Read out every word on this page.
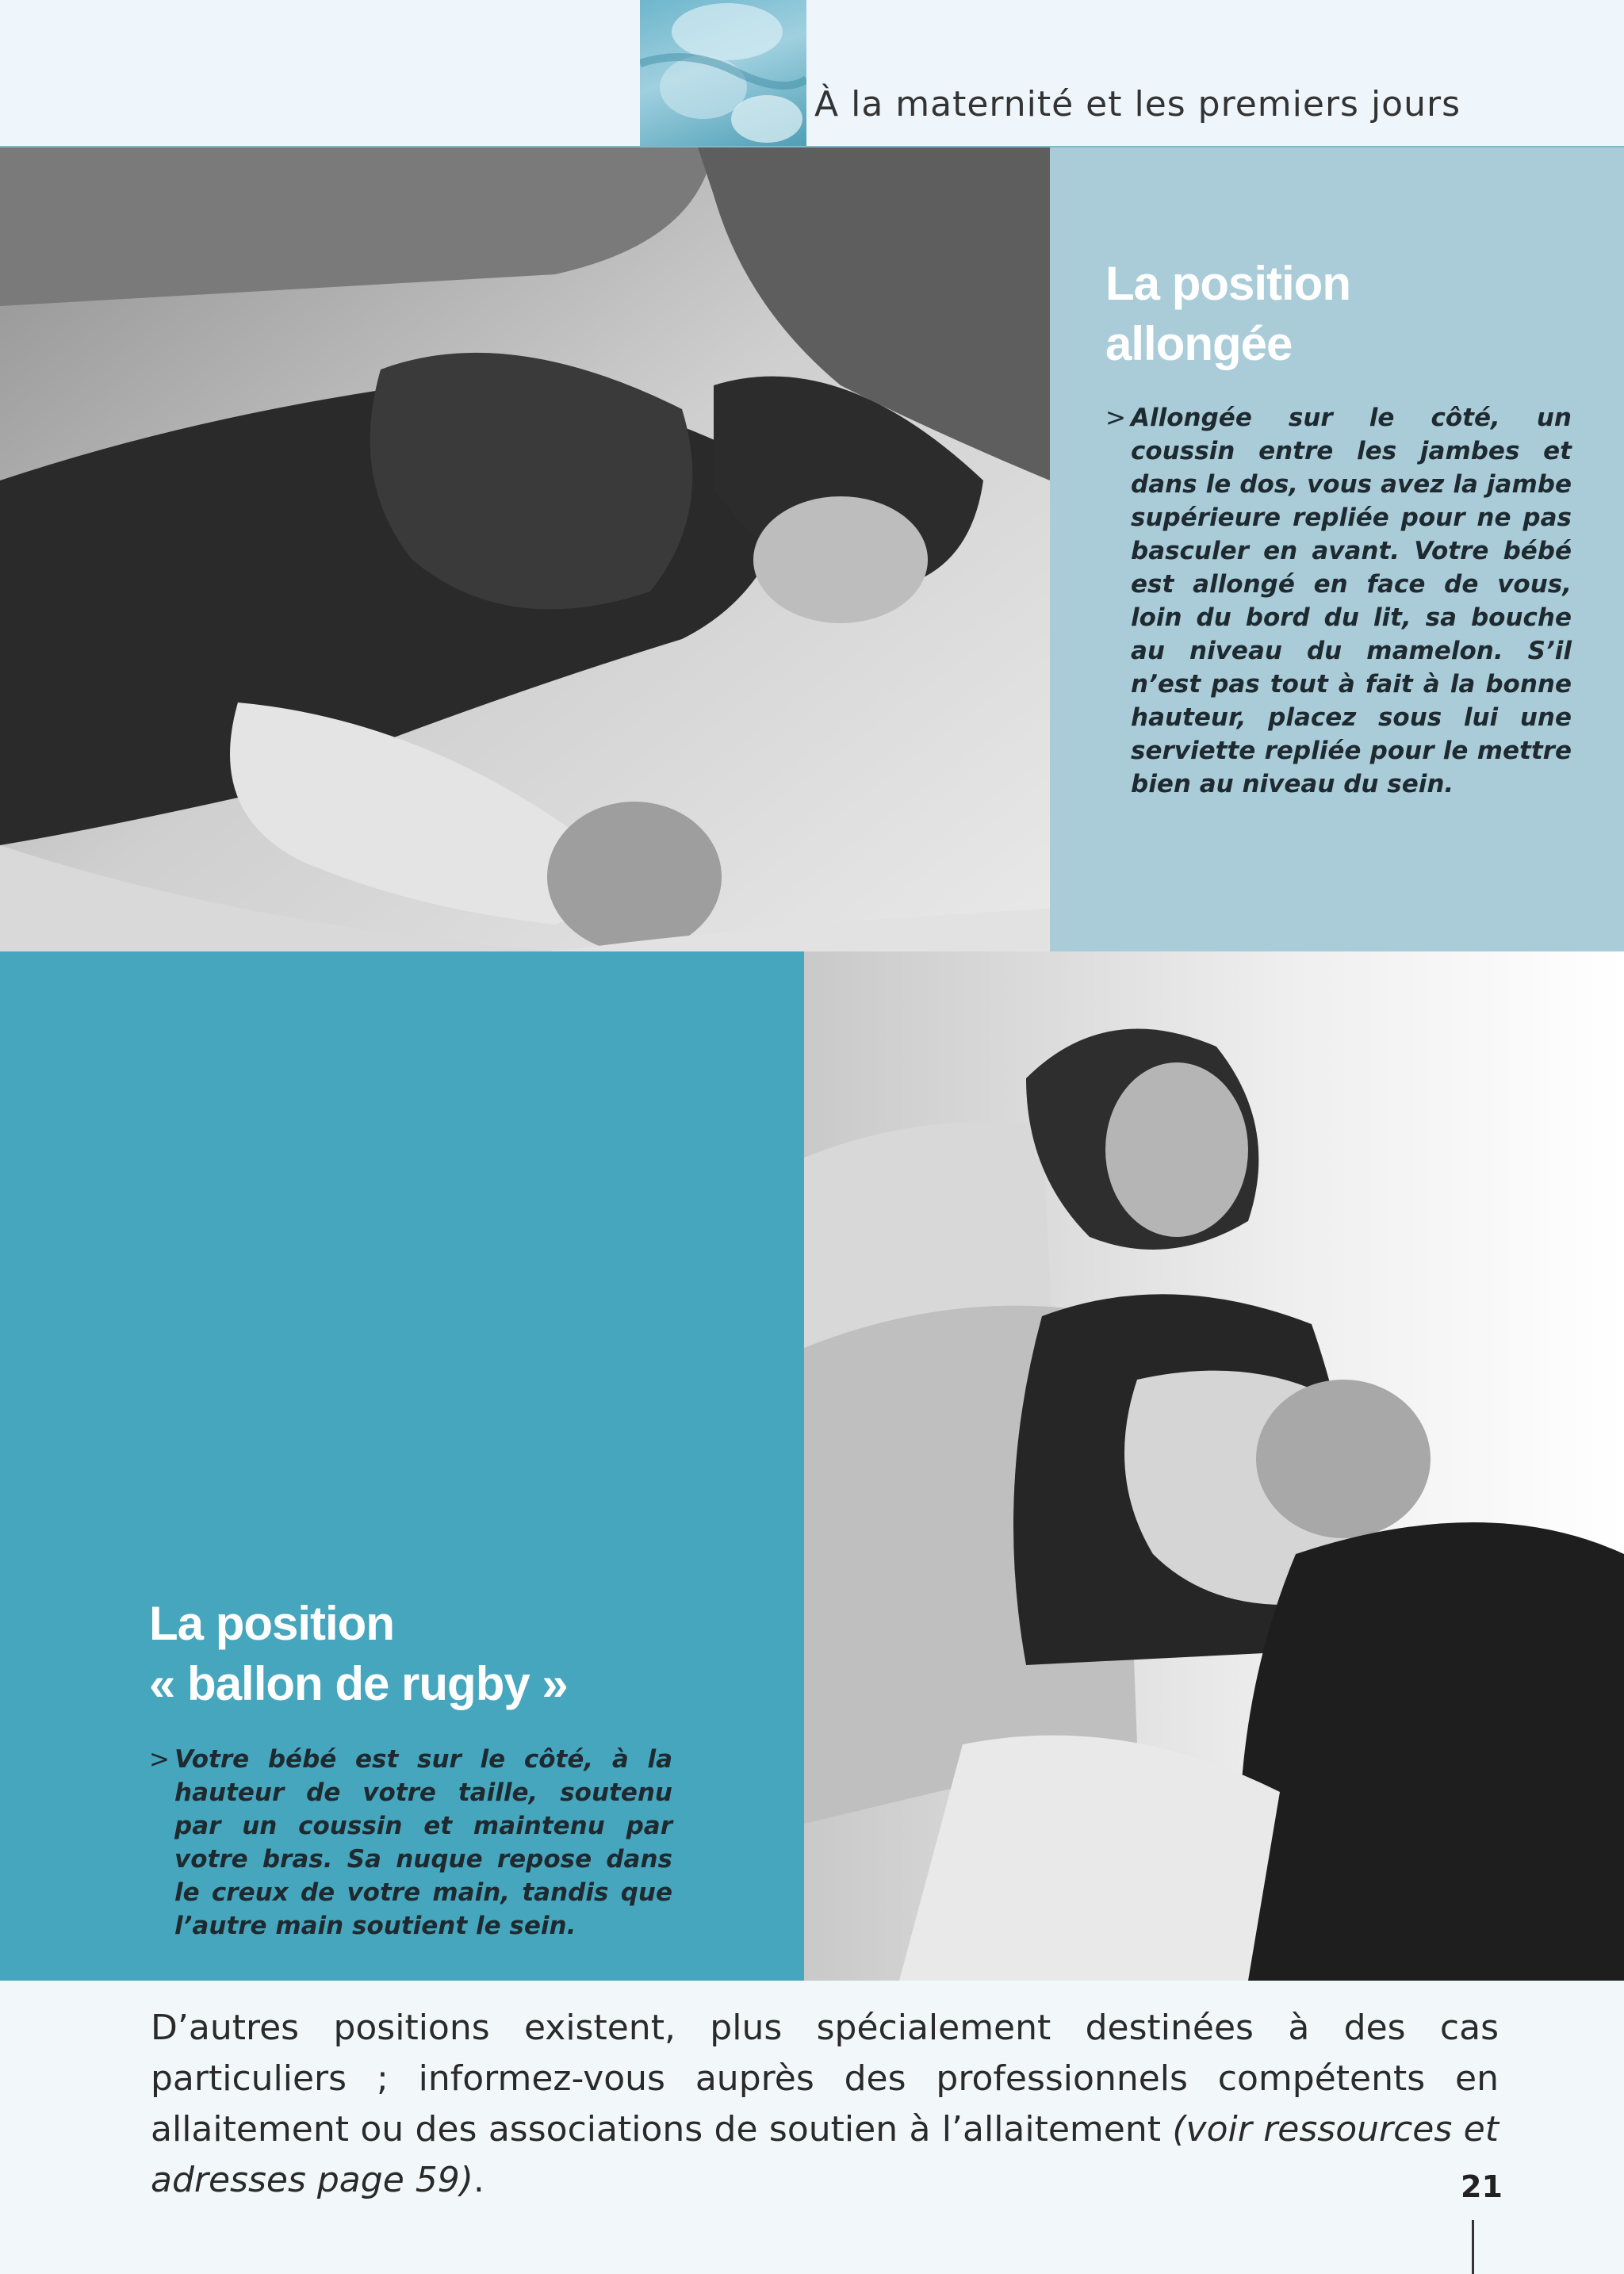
À la maternité et les premiers jours
La position
allongée
> Allongée sur le côté, un coussin entre les jambes et dans le dos, vous avez la jambe supérieure repliée pour ne pas basculer en avant. Votre bébé est allongé en face de vous, loin du bord du lit, sa bouche au niveau du mamelon. S’il n’est pas tout à fait à la bonne hauteur, placez sous lui une serviette repliée pour le mettre bien au niveau du sein.
La position
« ballon de rugby »
> Votre bébé est sur le côté, à la hauteur de votre taille, soutenu par un coussin et maintenu par votre bras. Sa nuque repose dans le creux de votre main, tandis que l’autre main soutient le sein.

D’autres positions existent, plus spécialement destinées à des cas particuliers ; informez-vous auprès des professionnels compétents en allaitement ou des associations de soutien à l’allaitement (voir ressources et adresses page 59).	21
